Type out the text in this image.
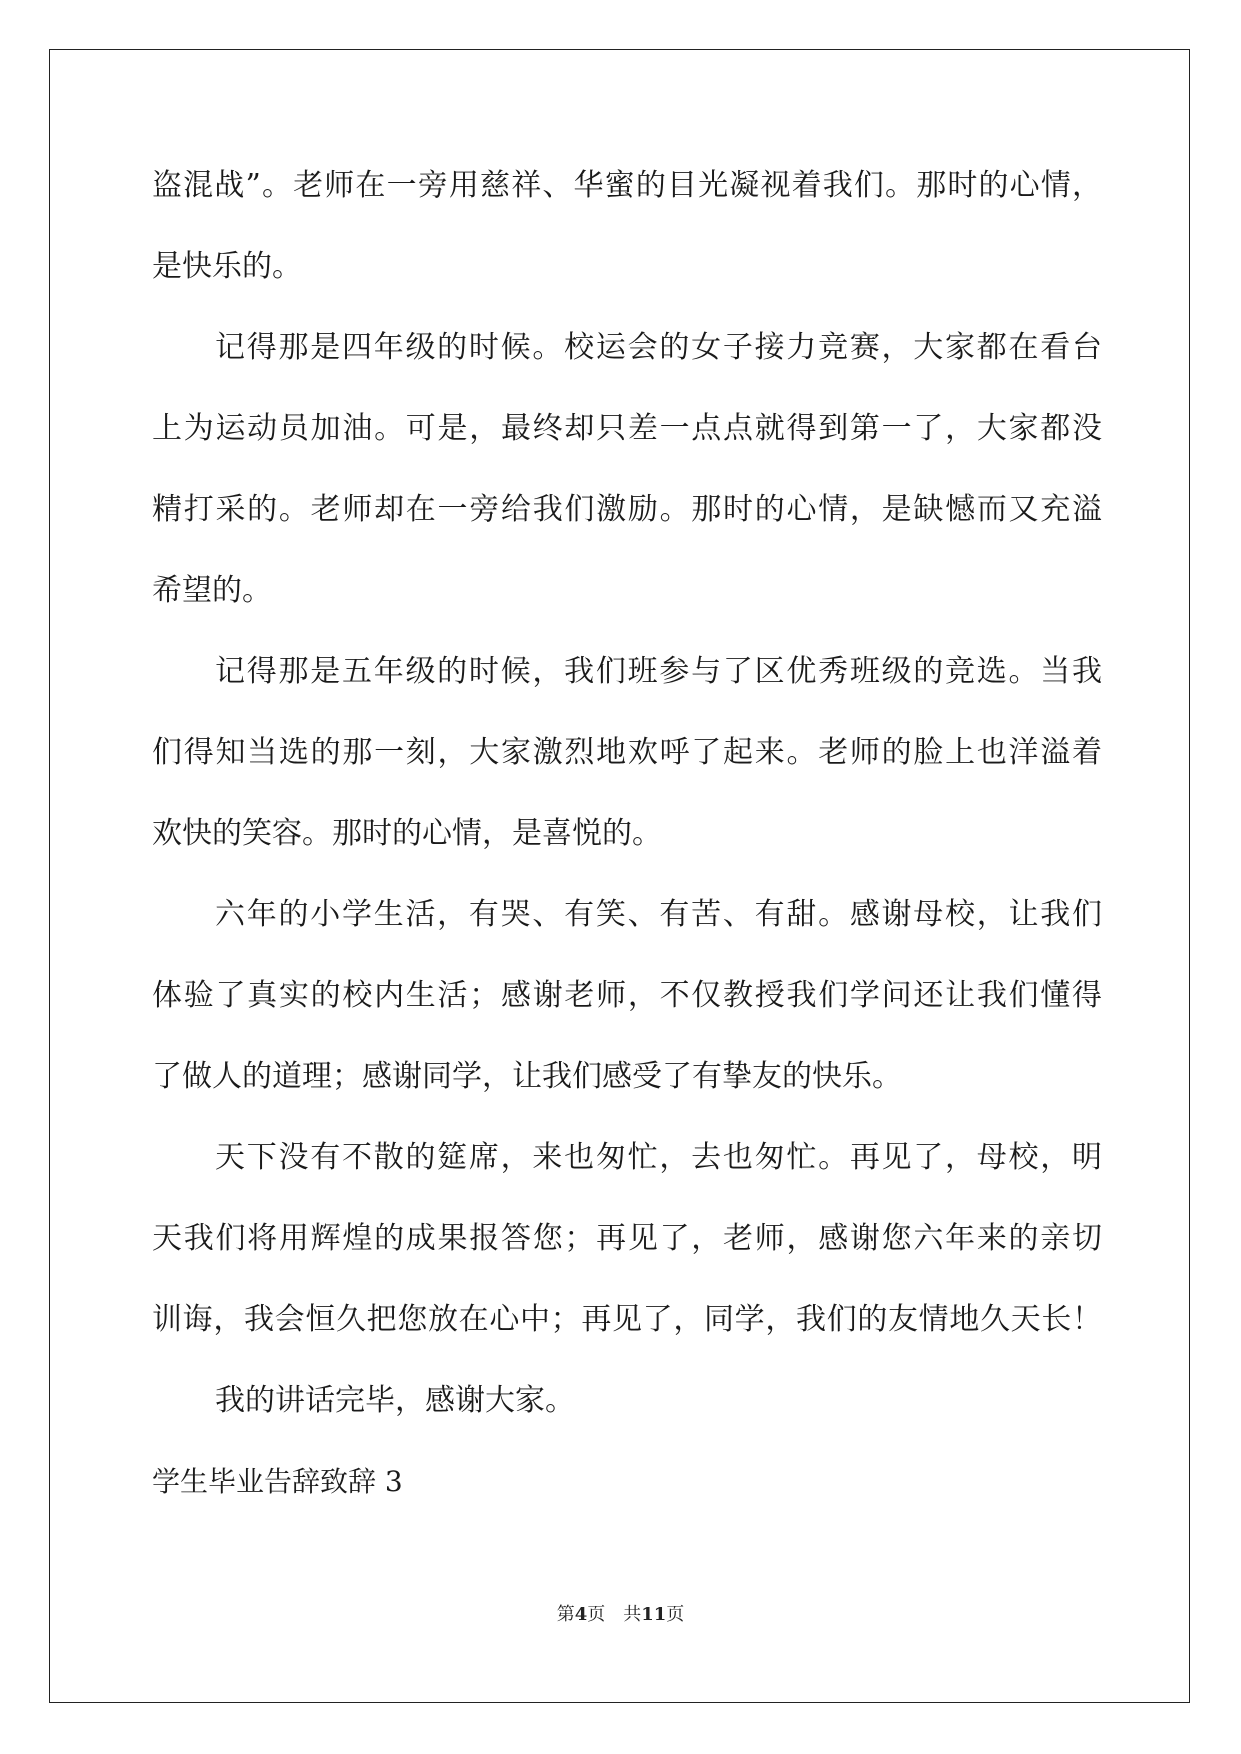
盗混战”。老师在一旁用慈祥、华蜜的目光凝视着我们。那时的心情，
是快乐的。
记得那是四年级的时候。校运会的女子接力竞赛，大家都在看台
上为运动员加油。可是，最终却只差一点点就得到第一了，大家都没
精打采的。老师却在一旁给我们激励。那时的心情，是缺憾而又充溢
希望的。
记得那是五年级的时候，我们班参与了区优秀班级的竞选。当我
们得知当选的那一刻，大家激烈地欢呼了起来。老师的脸上也洋溢着
欢快的笑容。那时的心情，是喜悦的。
六年的小学生活，有哭、有笑、有苦、有甜。感谢母校，让我们
体验了真实的校内生活；感谢老师，不仅教授我们学问还让我们懂得
了做人的道理；感谢同学，让我们感受了有挚友的快乐。
天下没有不散的筵席，来也匆忙，去也匆忙。再见了，母校，明
天我们将用辉煌的成果报答您；再见了，老师，感谢您六年来的亲切
训诲，我会恒久把您放在心中；再见了，同学，我们的友情地久天长！
我的讲话完毕，感谢大家。
学生毕业告辞致辞 3
第4页　共11页
